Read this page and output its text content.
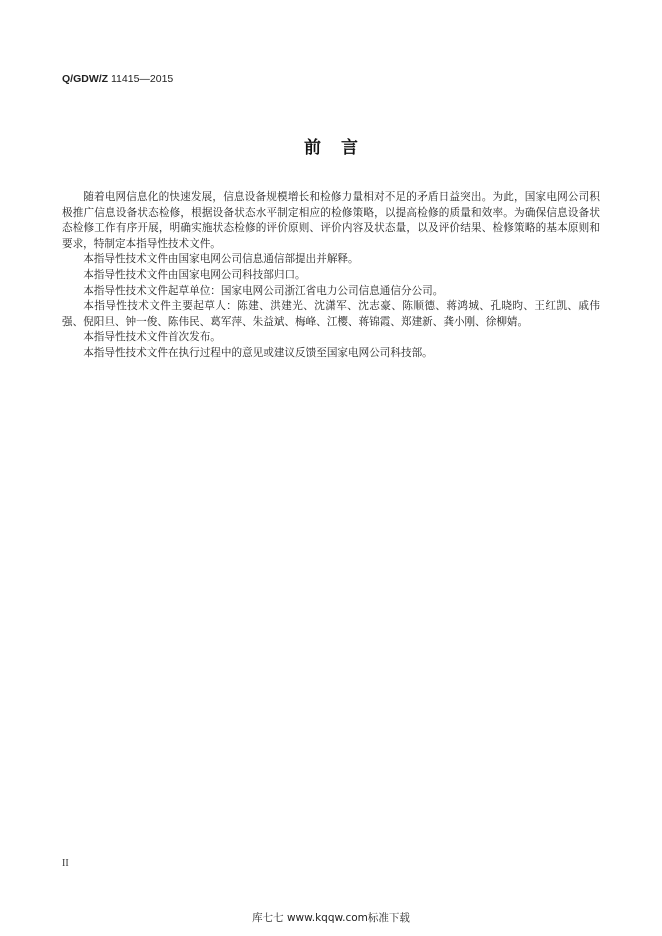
Q/GDW/Z 11415—2015
前言

随着电网信息化的快速发展，信息设备规模增长和检修力量相对不足的矛盾日益突出。为此，国家电网公司积极推广信息设备状态检修，根据设备状态水平制定相应的检修策略，以提高检修的质量和效率。为确保信息设备状态检修工作有序开展，明确实施状态检修的评价原则、评价内容及状态量，以及评价结果、检修策略的基本原则和要求，特制定本指导性技术文件。

本指导性技术文件由国家电网公司信息通信部提出并解释。

本指导性技术文件由国家电网公司科技部归口。

本指导性技术文件起草单位：国家电网公司浙江省电力公司信息通信分公司。

本指导性技术文件主要起草人：陈建、洪建光、沈潇军、沈志豪、陈顺德、蒋鸿城、孔晓昀、王红凯、戚伟强、倪阳旦、钟一俊、陈伟民、葛军萍、朱益斌、梅峰、江樱、蒋锦霞、郑建新、龚小刚、徐柳婧。

本指导性技术文件首次发布。

本指导性技术文件在执行过程中的意见或建议反馈至国家电网公司科技部。

II
库七七 www.kqqw.com标准下载
